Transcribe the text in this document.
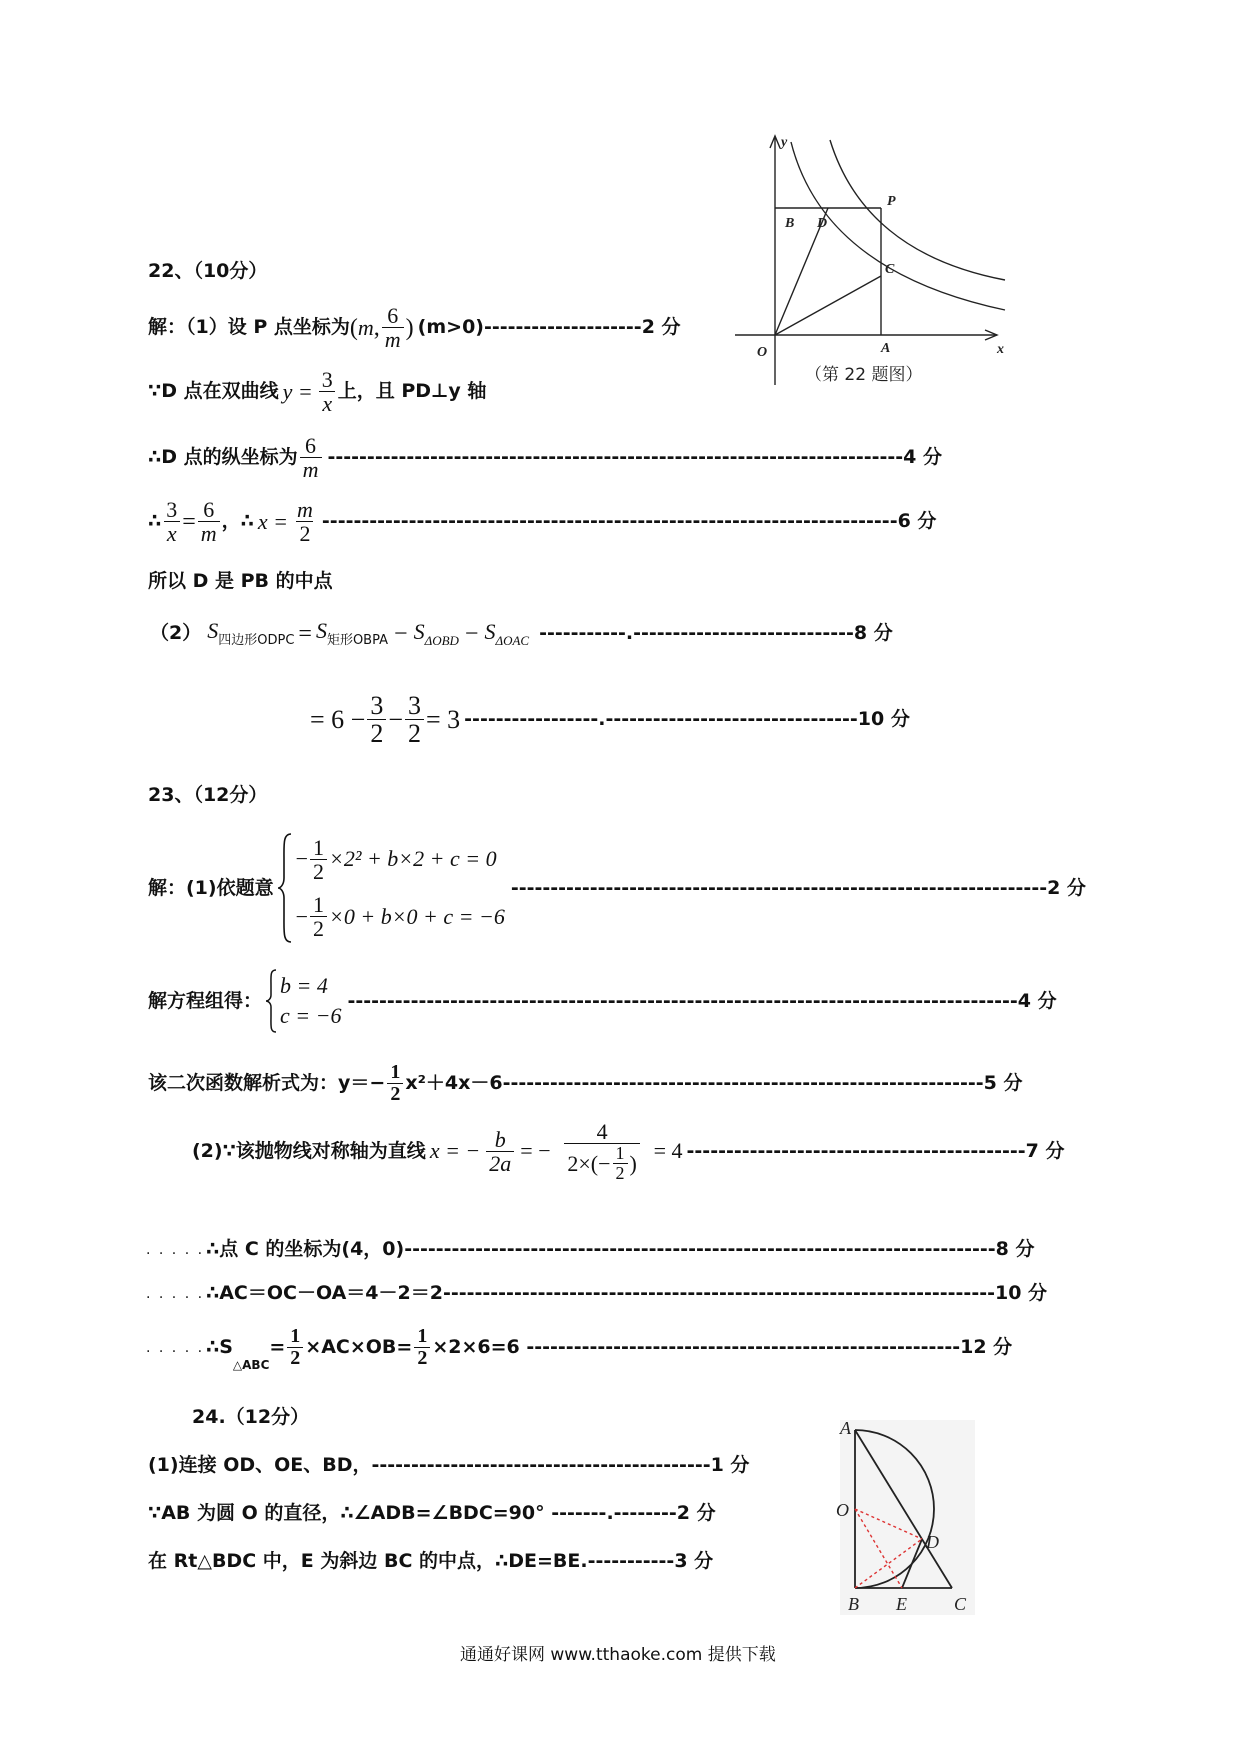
22、（10分）
解：（1）设 P 点坐标为 ( m , $\frac{6}{m}$ ) (m>0)--------------------2 分
∵D 点在双曲线 $y = \frac{3}{x}$ 上，且 PD⊥y 轴
∴D 点的纵坐标为 $\frac{6}{m} -------------------------------------------------------------------------4$ 分
∴ $\frac{3}{x} = \frac{6}{m}$ ，∴ $x = \frac{m}{2} -------------------------------------------------------------------------6$ 分
所以 D 是 PB 的中点
（2） $S_{四边形ODPC} = S_{矩形OBPA} - S_{\Delta OBD} - S_{\Delta OAC}$ -----------.----------------------------8 分
= $6 - \frac{3}{2} - \frac{3}{2} = 3$ -----------------.--------------------------------10 分
y
x
O	A
B D
P
C
（第 22 题图）
23、（12分）
解：(1)依题意
− $\frac{1}{2} \times 2^2 + b\times 2 + c = 0$
− $\frac{1}{2} \times 0 + b\times 0 + c = -6$
--------------------------------------------------------------------2 分
解方程组得：
b = 4
c = −6
-------------------------------------------------------------------------------------4 分
该二次函数解析式为：$y=- \frac{1}{2} x^2+4x-6-------------------------------------------------------------5$ 分
(2)∵该抛物线对称轴为直线 x = − $\frac{b}{2a}$ = − $\frac{4}{2\times(- \frac{1}{2} )} = 4$ -------------------------------------------7 分
. . . . . ∴点 C 的坐标为(4，0)---------------------------------------------------------------------------8 分
. . . . . ∴AC＝OC－OA＝4－2＝2----------------------------------------------------------------------10 分
. . . . . ∴S
△ABC
= $\frac{1}{2} \times AC\times OB= \frac{1}{2} \times 2\times 6=6$ -------------------------------------------------------12 分
24.（12分）
(1)连接 OD、OE、BD，-------------------------------------------1 分
∵AB 为圆 O 的直径，∴∠ADB=∠BDC=90° -------.--------2 分
在 Rt△BDC 中，E 为斜边 BC 的中点，∴DE=BE.-----------3 分
A
O
D
B E	C
通通好课网 www.tthaoke.com 提供下载
